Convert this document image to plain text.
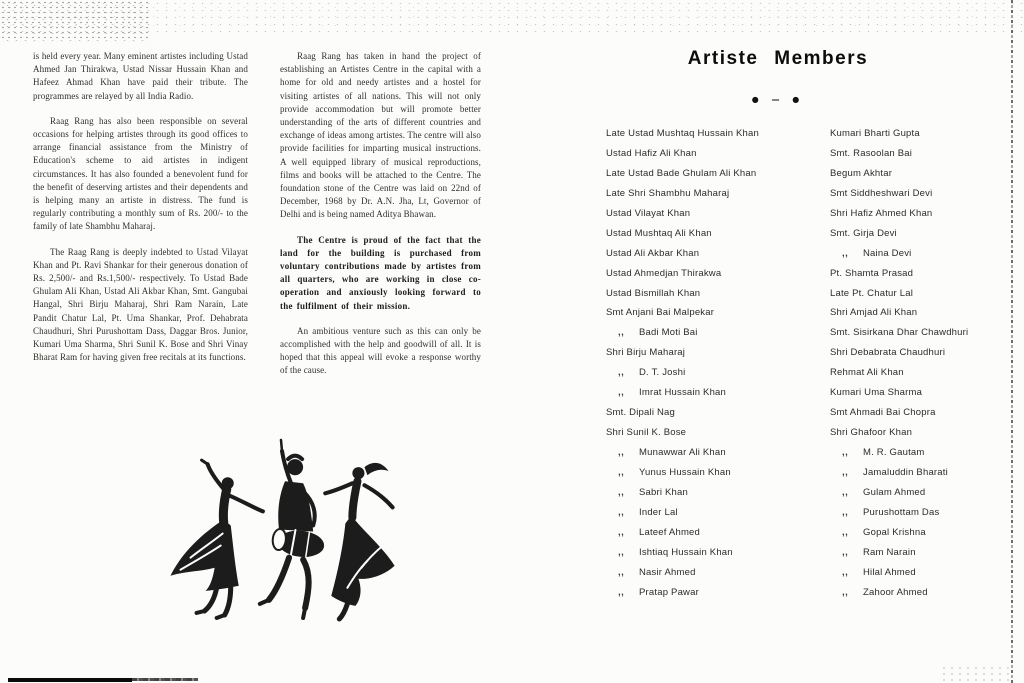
is held every year. Many eminent artistes including Ustad Ahmed Jan Thirakwa, Ustad Nissar Hussain Khan and Hafeez Ahmad Khan have paid their tribute. The programmes are relayed by all India Radio.

Raag Rang has also been responsible on several occasions for helping artistes through its good offices to arrange financial assistance from the Ministry of Education's scheme to aid artistes in indigent circumstances. It has also founded a benevolent fund for the benefit of deserving artistes and their dependents and is helping many an artiste in distress. The fund is regularly contributing a monthly sum of Rs. 200/- to the family of late Shambhu Maharaj.

The Raag Rang is deeply indebted to Ustad Vilayat Khan and Pt. Ravi Shankar for their generous donation of Rs. 2,500/- and Rs.1,500/- respectively. To Ustad Bade Ghulam Ali Khan, Ustad Ali Akbar Khan, Smt. Gangubai Hangal, Shri Birju Maharaj, Shri Ram Narain, Late Pandit Chatur Lal, Pt. Uma Shankar, Prof. Dehabrata Chaudhuri, Shri Purushottam Dass, Daggar Bros. Junior, Kumari Uma Sharma, Shri Sunil K. Bose and Shri Vinay Bharat Ram for having given free recitals at its functions.

Raag Rang has taken in hand the project of establishing an Artistes Centre in the capital with a home for old and needy artistes and a hostel for visiting artistes of all nations. This will not only provide accommodation but will promote better understanding of the arts of different countries and exchange of ideas among artistes. The centre will also provide facilities for imparting musical instructions. A well equipped library of musical reproductions, films and books will be attached to the Centre. The foundation stone of the Centre was laid on 22nd of December, 1968 by Dr. A.N. Jha, Lt, Governor of Delhi and is being named Aditya Bhawan.

The Centre is proud of the fact that the land for the building is purchased from voluntary contributions made by artistes from all quarters, who are working in close co-operation and anxiously looking forward to the fulfilment of their mission.

An ambitious venture such as this can only be accomplished with the help and goodwill of all. It is hoped that this appeal will evoke a response worthy of the cause.

Artiste Members
● — ●
Late Ustad Mushtaq Hussain Khan
Ustad Hafiz Ali Khan
Late Ustad Bade Ghulam Ali Khan
Late Shri Shambhu Maharaj
Ustad Vilayat Khan
Ustad Mushtaq Ali Khan
Ustad Ali Akbar Khan
Ustad Ahmedjan Thirakwa
Ustad Bismillah Khan
Smt Anjani Bai Malpekar
,,	Badi Moti Bai
Shri Birju Maharaj
,,	D. T. Joshi
,,	Imrat Hussain Khan
Smt. Dipali Nag
Shri Sunil K. Bose
,,	Munawwar Ali Khan
,,	Yunus Hussain Khan
,,	Sabri Khan
,,	Inder Lal
,,	Lateef Ahmed
,,	Ishtiaq Hussain Khan
,,	Nasir Ahmed
,,	Pratap Pawar
Kumari Bharti Gupta
Smt. Rasoolan Bai
Begum Akhtar
Smt Siddheshwari Devi
Shri Hafiz Ahmed Khan
Smt. Girja Devi
,,	Naina Devi
Pt. Shamta Prasad
Late Pt. Chatur Lal
Shri Amjad Ali Khan
Smt. Sisirkana Dhar Chawdhuri
Shri Debabrata Chaudhuri
Rehmat Ali Khan
Kumari Uma Sharma
Smt Ahmadi Bai Chopra
Shri Ghafoor Khan
,,	M. R. Gautam
,,	Jamaluddin Bharati
,,	Gulam Ahmed
,,	Purushottam Das
,,	Gopal Krishna
,,	Ram Narain
,,	Hilal Ahmed
,,	Zahoor Ahmed
